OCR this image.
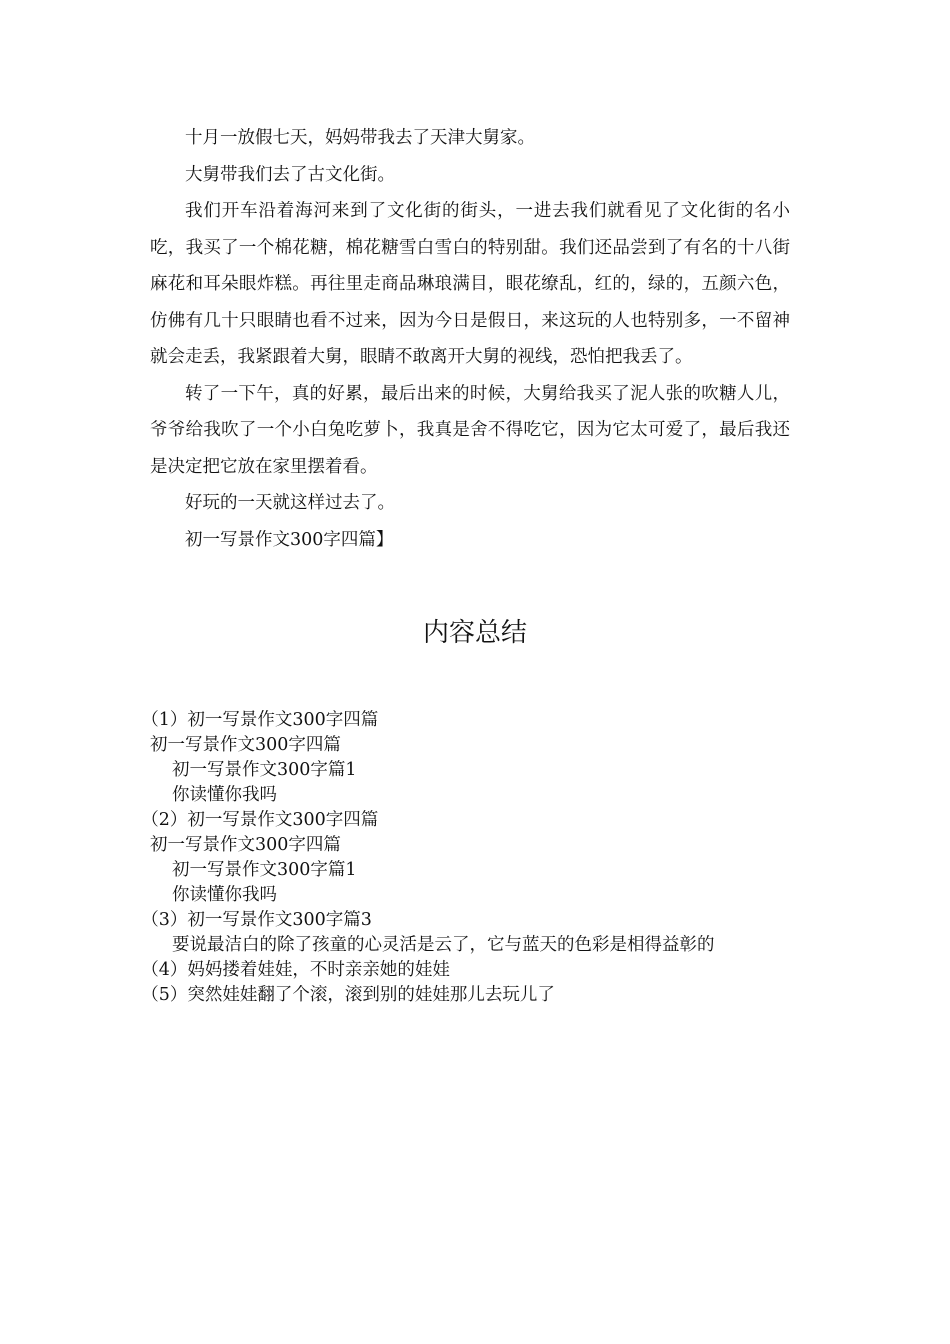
十月一放假七天，妈妈带我去了天津大舅家。

大舅带我们去了古文化街。

我们开车沿着海河来到了文化街的街头，一进去我们就看见了文化街的名小吃，我买了一个棉花糖，棉花糖雪白雪白的特别甜。我们还品尝到了有名的十八街麻花和耳朵眼炸糕。再往里走商品琳琅满目，眼花缭乱，红的，绿的，五颜六色，仿佛有几十只眼睛也看不过来，因为今日是假日，来这玩的人也特别多，一不留神就会走丢，我紧跟着大舅，眼睛不敢离开大舅的视线，恐怕把我丢了。

转了一下午，真的好累，最后出来的时候，大舅给我买了泥人张的吹糖人儿，爷爷给我吹了一个小白兔吃萝卜，我真是舍不得吃它，因为它太可爱了，最后我还是决定把它放在家里摆着看。

好玩的一天就这样过去了。

初一写景作文300字四篇】

内容总结

（1）初一写景作文300字四篇

初一写景作文300字四篇

初一写景作文300字篇1

你读懂你我吗

（2）初一写景作文300字四篇

初一写景作文300字四篇

初一写景作文300字篇1

你读懂你我吗

（3）初一写景作文300字篇3

要说最洁白的除了孩童的心灵活是云了，它与蓝天的色彩是相得益彰的

（4）妈妈搂着娃娃，不时亲亲她的娃娃

（5）突然娃娃翻了个滚，滚到别的娃娃那儿去玩儿了
